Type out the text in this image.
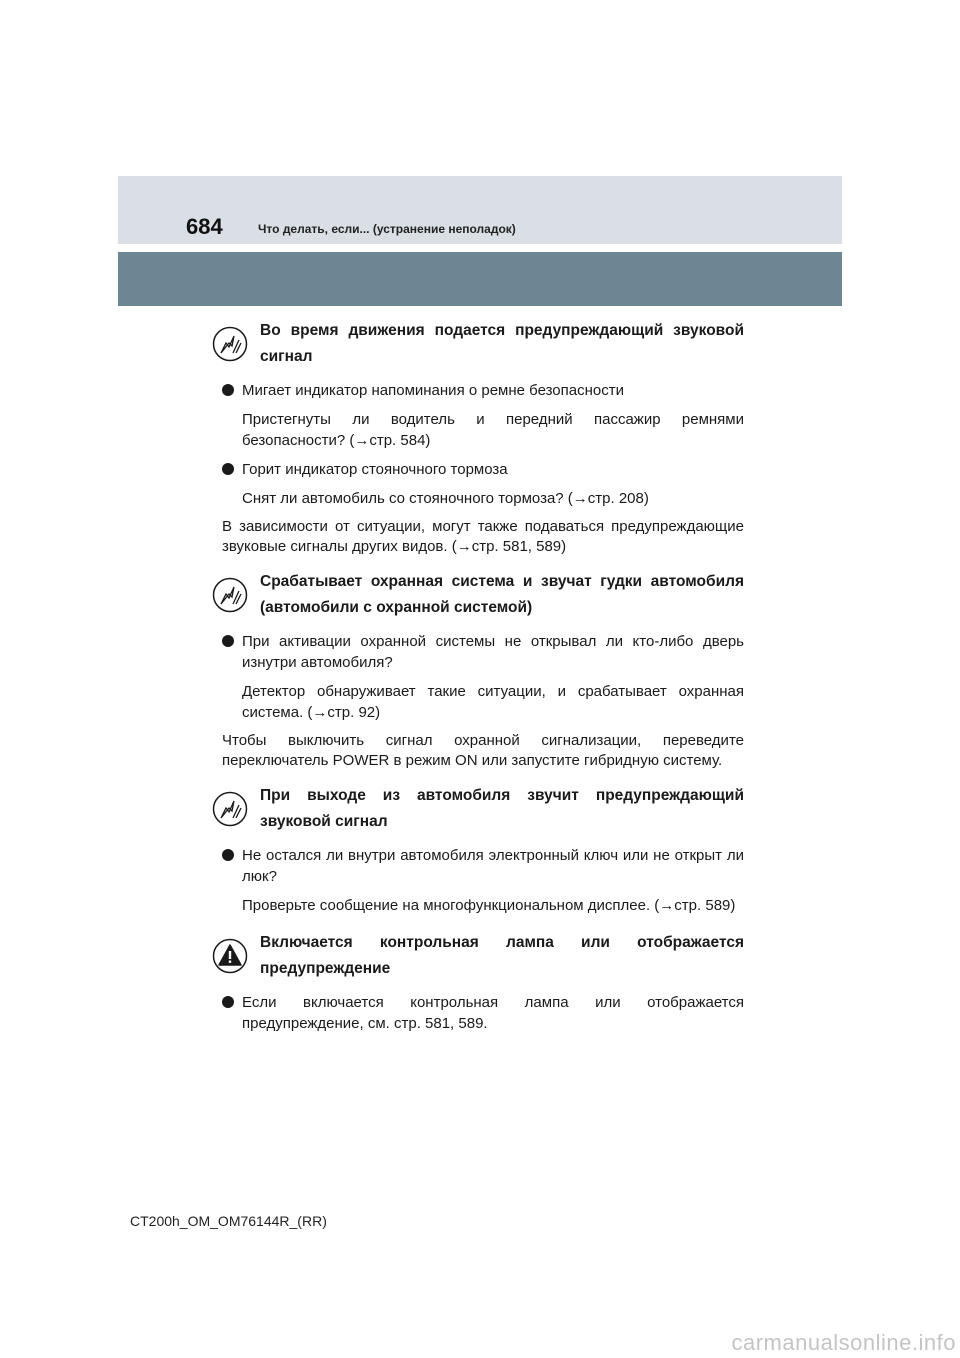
684	Что делать, если... (устранение неполадок)

Во время движения подается предупреждающий звуковой

сигнал

Мигает индикатор напоминания о ремне безопасности
Пристегнуты ли водитель и передний пассажир ремнями безопасности? (→стр. 584)
Горит индикатор стояночного тормоза
Снят ли автомобиль со стояночного тормоза? (→стр. 208)
В зависимости от ситуации, могут также подаваться предупреждающие звуковые сигналы других видов. (→стр. 581, 589)

Срабатывает охранная система и звучат гудки автомобиля

(автомобили с охранной системой)

При активации охранной системы не открывал ли кто-либо дверь изнутри автомобиля?
Детектор обнаруживает такие ситуации, и срабатывает охранная система. (→стр. 92)
Чтобы выключить сигнал охранной сигнализации, переведите переключатель POWER в режим ON или запустите гибридную систему.

При выходе из автомобиля звучит предупреждающий

звуковой сигнал

Не остался ли внутри автомобиля электронный ключ или не открыт ли люк?
Проверьте сообщение на многофункциональном дисплее. (→стр. 589)

Включается контрольная лампа или отображается

предупреждение

Если включается контрольная лампа или отображается предупреждение, см. стр. 581, 589.
CT200h_OM_OM76144R_(RR)
carmanualsonline.info
